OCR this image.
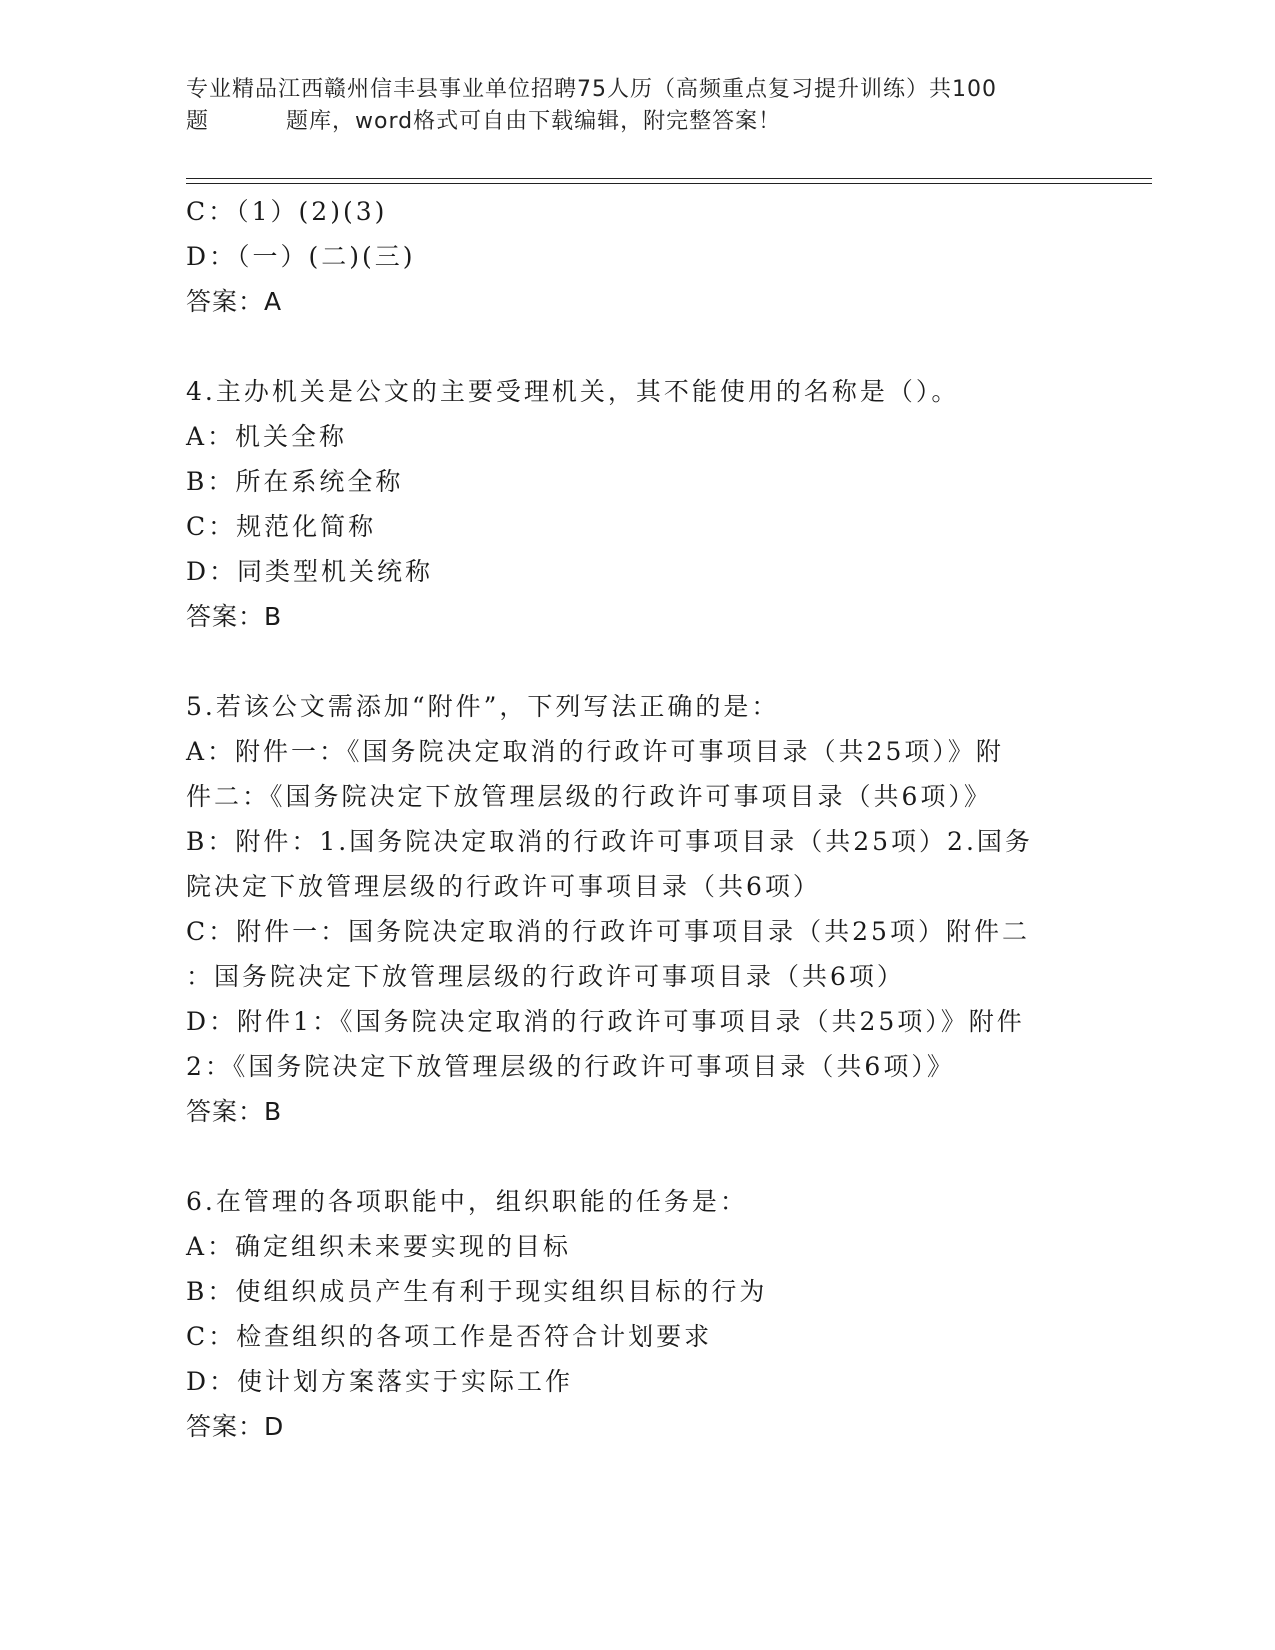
专业精品江西赣州信丰县事业单位招聘75人历（高频重点复习提升训练）共100
题	题库，word格式可自由下载编辑，附完整答案！
C：（1）(2)(3)
D：（一）(二)(三)
答案：A
4.主办机关是公文的主要受理机关，其不能使用的名称是（）。
A：机关全称
B：所在系统全称
C：规范化简称
D：同类型机关统称
答案：B
5.若该公文需添加“附件”，下列写法正确的是：
A：附件一：《国务院决定取消的行政许可事项目录（共25项）》附
件二：《国务院决定下放管理层级的行政许可事项目录（共6项）》
B：附件：1.国务院决定取消的行政许可事项目录（共25项）2.国务
院决定下放管理层级的行政许可事项目录（共6项）
C：附件一：国务院决定取消的行政许可事项目录（共25项）附件二
：国务院决定下放管理层级的行政许可事项目录（共6项）
D：附件1：《国务院决定取消的行政许可事项目录（共25项）》附件
2：《国务院决定下放管理层级的行政许可事项目录（共6项）》
答案：B
6.在管理的各项职能中，组织职能的任务是：
A：确定组织未来要实现的目标
B：使组织成员产生有利于现实组织目标的行为
C：检查组织的各项工作是否符合计划要求
D：使计划方案落实于实际工作
答案：D
